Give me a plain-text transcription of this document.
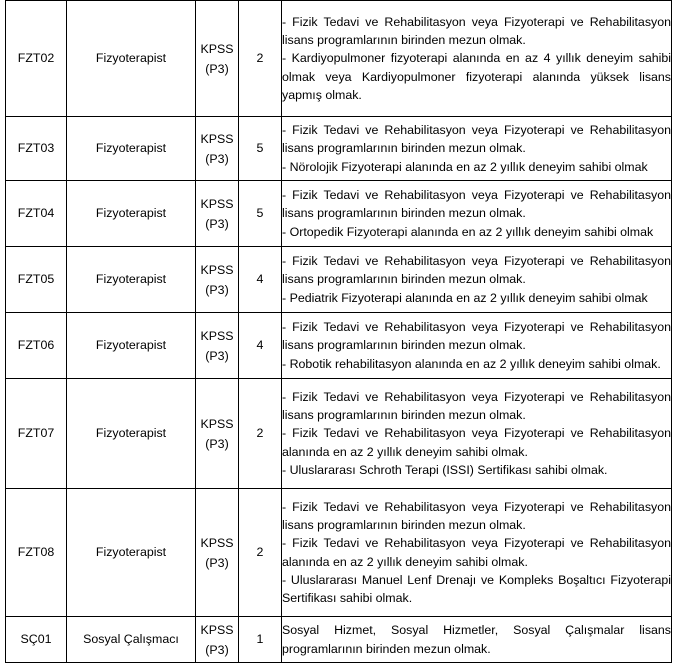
FZT02	Fizyoterapist	KPSS
(P3)	2	- Fizik Tedavi ve Rehabilitasyon veya Fizyoterapi ve Rehabilitasyon lisans programlarının birinden mezun olmak.
- Kardiyopulmoner fizyoterapi alanında en az 4 yıllık deneyim sahibi olmak veya Kardiyopulmoner fizyoterapi alanında yüksek lisans yapmış olmak.

FZT03	Fizyoterapist	KPSS
(P3)	5	- Fizik Tedavi ve Rehabilitasyon veya Fizyoterapi ve Rehabilitasyon lisans programlarının birinden mezun olmak.
- Nörolojik Fizyoterapi alanında en az 2 yıllık deneyim sahibi olmak

FZT04	Fizyoterapist	KPSS
(P3)	5	- Fizik Tedavi ve Rehabilitasyon veya Fizyoterapi ve Rehabilitasyon lisans programlarının birinden mezun olmak.
- Ortopedik Fizyoterapi alanında en az 2 yıllık deneyim sahibi olmak

FZT05	Fizyoterapist	KPSS
(P3)	4	- Fizik Tedavi ve Rehabilitasyon veya Fizyoterapi ve Rehabilitasyon lisans programlarının birinden mezun olmak.
- Pediatrik Fizyoterapi alanında en az 2 yıllık deneyim sahibi olmak

FZT06	Fizyoterapist	KPSS
(P3)	4	- Fizik Tedavi ve Rehabilitasyon veya Fizyoterapi ve Rehabilitasyon lisans programlarının birinden mezun olmak.
- Robotik rehabilitasyon alanında en az 2 yıllık deneyim sahibi olmak.

FZT07	Fizyoterapist	KPSS
(P3)	2	- Fizik Tedavi ve Rehabilitasyon veya Fizyoterapi ve Rehabilitasyon lisans programlarının birinden mezun olmak.
- Fizik Tedavi ve Rehabilitasyon veya Fizyoterapi ve Rehabilitasyon alanında en az 2 yıllık deneyim sahibi olmak.
- Uluslararası Schroth Terapi (ISSI) Sertifikası sahibi olmak.

FZT08	Fizyoterapist	KPSS
(P3)	2	- Fizik Tedavi ve Rehabilitasyon veya Fizyoterapi ve Rehabilitasyon lisans programlarının birinden mezun olmak.
- Fizik Tedavi ve Rehabilitasyon veya Fizyoterapi ve Rehabilitasyon alanında en az 2 yıllık deneyim sahibi olmak.
- Uluslararası Manuel Lenf Drenajı ve Kompleks Boşaltıcı Fizyoterapi Sertifikası sahibi olmak.

SÇ01	Sosyal Çalışmacı	KPSS
(P3)	1	Sosyal Hizmet, Sosyal Hizmetler, Sosyal Çalışmalar lisans programlarının birinden mezun olmak.
